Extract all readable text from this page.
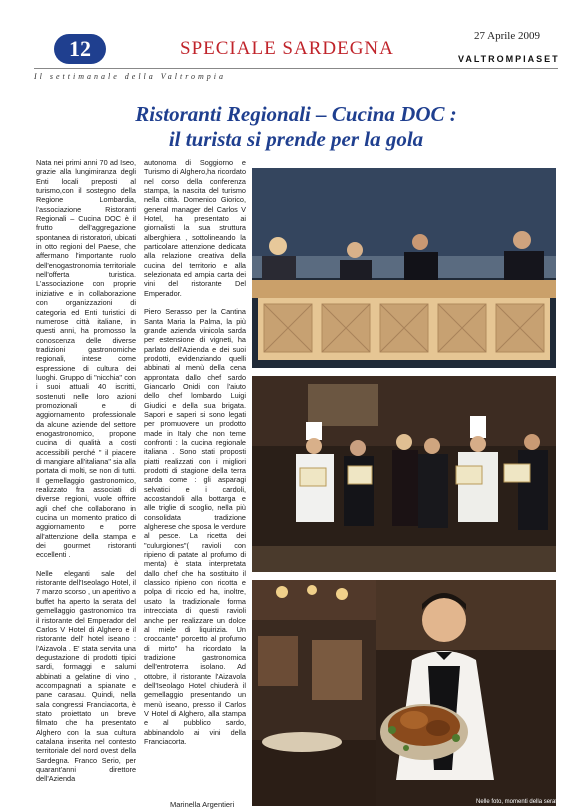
12	SPECIALE SARDEGNA
27 Aprile 2009
VALTROMPIASET
Il settimanale della Valtrompia
Ristoranti Regionali – Cucina DOC :
il turista si prende per la gola

Nata nei primi anni 70 ad Iseo, grazie alla lungimiranza degli Enti locali preposti al turismo,con il sostegno della Regione Lombardia, l'associazione Ristoranti Regionali – Cucina DOC è il frutto dell'aggregazione spontanea di ristoratori, ubicati in otto regioni del Paese, che affermano l'importante ruolo dell'enogastronomia territoriale nell'offerta turistica. L'associazione con proprie iniziative e in collaborazione con organizzazioni di categoria ed Enti turistici di numerose città italiane, in questi anni, ha promosso la conoscenza delle diverse tradizioni gastronomiche regionali, intese come espressione di cultura dei luoghi. Gruppo di "nicchia" con i suoi attuali 40 iscritti, sostenuti nelle loro azioni promozionali e di aggiornamento professionale da alcune aziende del settore enogastronomico, propone cucina di qualità a costi accessibili perché " il piacere di mangiare all'italiana" sia alla portata di molti, se non di tutti. Il gemellaggio gastronomico, realizzato fra associati di diverse regioni, vuole offrire agli chef che collaborano in cucina un momento pratico di aggiornamento e porre all'attenzione della stampa e dei gourmet ristoranti eccellenti .

Nelle eleganti sale del ristorante dell'Iseolago Hotel, il 7 marzo scorso , un aperitivo a buffet ha aperto la serata del gemellaggio gastronomico tra il ristorante del Emperador del Carlos V Hotel di Alghero e il ristorante dell' hotel iseano : l'Aizavola . E' stata servita una degustazione di prodotti tipici sardi, formaggi e salumi abbinati a gelatine di vino , accompagnati a spianate e pane carasau. Quindi, nella sala congressi Franciacorta, è stato proiettato un breve filmato che ha presentato Alghero con la sua cultura catalana inserita nel contesto territoriale del nord ovest della Sardegna. Franco Serio, per quarant'anni direttore dell'Azienda

autonoma di Soggiorno e Turismo di Alghero,ha ricordato nel corso della conferenza stampa, la nascita del turismo nella città. Domenico Giorico, general manager del Carlos V Hotel, ha presentato ai giornalisti la sua struttura alberghiera , sottolineando la particolare attenzione dedicata alla relazione creativa della cucina del territorio e alla selezionata ed ampia carta dei vini del ristorante Del Emperador.

Piero Serasso per la Cantina Santa Maria la Palma, la più grande azienda vinicola sarda per estensione di vigneti, ha parlato dell'Azienda e dei suoi prodotti, evidenziando quelli abbinati al menù della cena approntata dallo chef sardo Giancarlo Onidi con l'aiuto dello chef lombardo Luigi Giudici e della sua brigata. Sapori e saperi si sono legati per promuovere un prodotto made in Italy che non teme confronti : la cucina regionale italiana . Sono stati proposti piatti realizzati con i migliori prodotti di stagione della terra sarda come : gli asparagi selvatici e i cardoli, accostandoli alla bottarga e alle triglie di scoglio, nella più consolidata tradizione algherese che sposa le verdure al pesce. La ricetta dei "culurgiones"( ravioli con ripieno di patate al profumo di menta) è stata interpretata dallo chef che ha sostituito il classico ripieno con ricotta e polpa di riccio ed ha, inoltre, usato la tradizionale forma intrecciata di questi ravioli anche per realizzare un dolce al miele di liquirizia. Un croccante" porcetto al profumo di mirto" ha ricordato la tradizione gastronomica dell'entroterra isolano. Ad ottobre, il ristorante l'Aizavola dell'Iseolago Hotel chiuderà il gemellaggio presentando un menù iseano, presso il Carlos V Hotel di Alghero, alla stampa e al pubblico sardo, abbinandolo ai vini della Franciacorta.

Marinella Argentieri	Nelle foto, momenti della serata
